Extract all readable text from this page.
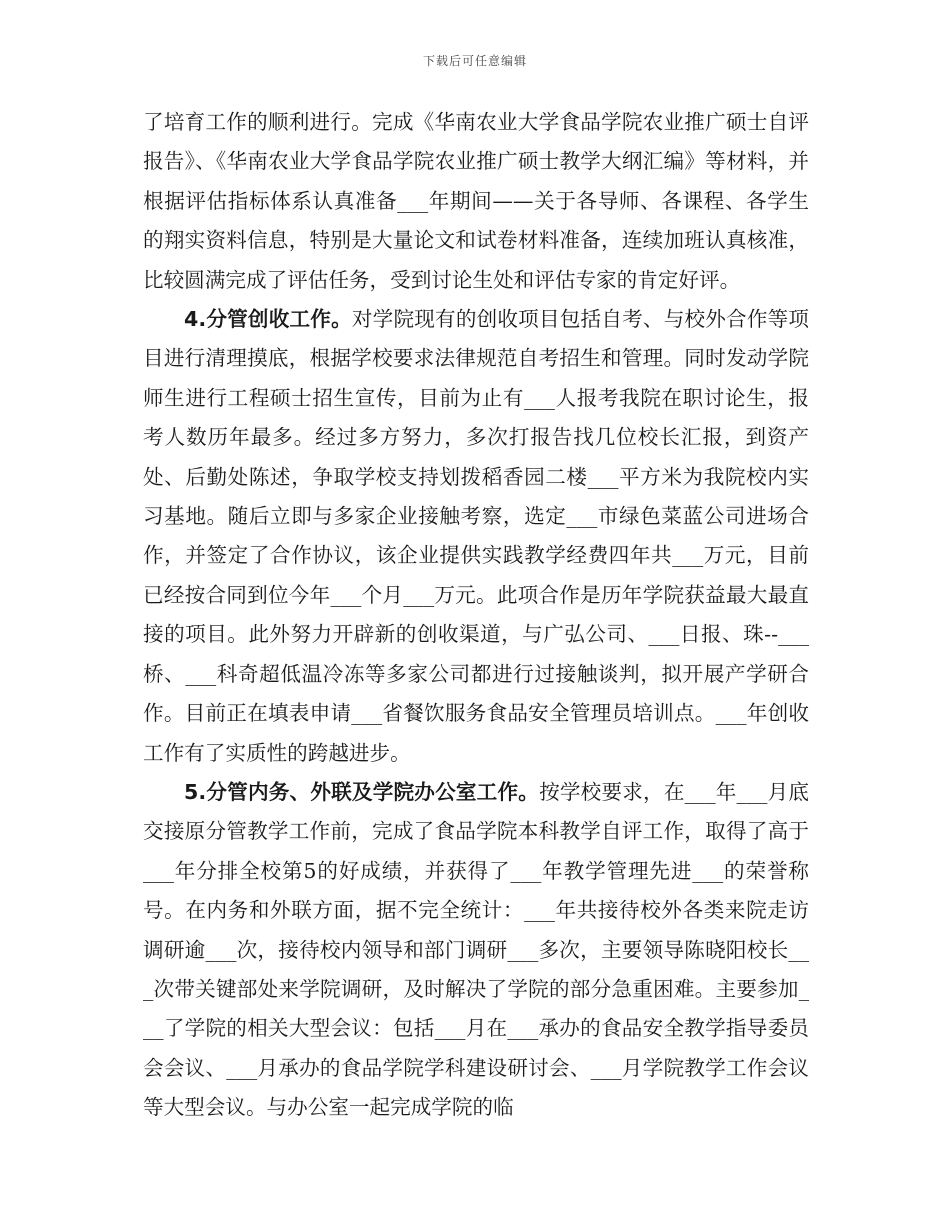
下载后可任意编辑

了培育工作的顺利进行。完成《华南农业大学食品学院农业推广硕士自评报告》、《华南农业大学食品学院农业推广硕士教学大纲汇编》等材料，并根据评估指标体系认真准备___年期间——关于各导师、各课程、各学生的翔实资料信息，特别是大量论文和试卷材料准备，连续加班认真核准，比较圆满完成了评估任务，受到讨论生处和评估专家的肯定好评。

4.分管创收工作。对学院现有的创收项目包括自考、与校外合作等项目进行清理摸底，根据学校要求法律规范自考招生和管理。同时发动学院师生进行工程硕士招生宣传，目前为止有___人报考我院在职讨论生，报考人数历年最多。经过多方努力，多次打报告找几位校长汇报，到资产处、后勤处陈述，争取学校支持划拨稻香园二楼___平方米为我院校内实习基地。随后立即与多家企业接触考察，选定___市绿色菜蓝公司进场合作，并签定了合作协议，该企业提供实践教学经费四年共___万元，目前已经按合同到位今年___个月___万元。此项合作是历年学院获益最大最直接的项目。此外努力开辟新的创收渠道，与广弘公司、___日报、珠--___桥、___科奇超低温冷冻等多家公司都进行过接触谈判，拟开展产学研合作。目前正在填表申请___省餐饮服务食品安全管理员培训点。___年创收工作有了实质性的跨越进步。

5.分管内务、外联及学院办公室工作。按学校要求，在___年___月底交接原分管教学工作前，完成了食品学院本科教学自评工作，取得了高于___年分排全校第5的好成绩，并获得了___年教学管理先进___的荣誉称号。在内务和外联方面，据不完全统计：___年共接待校外各类来院走访调研逾___次，接待校内领导和部门调研___多次，主要领导陈晓阳校长___次带关键部处来学院调研，及时解决了学院的部分急重困难。主要参加___了学院的相关大型会议：包括___月在___承办的食品安全教学指导委员会会议、___月承办的食品学院学科建设研讨会、___月学院教学工作会议等大型会议。与办公室一起完成学院的临
